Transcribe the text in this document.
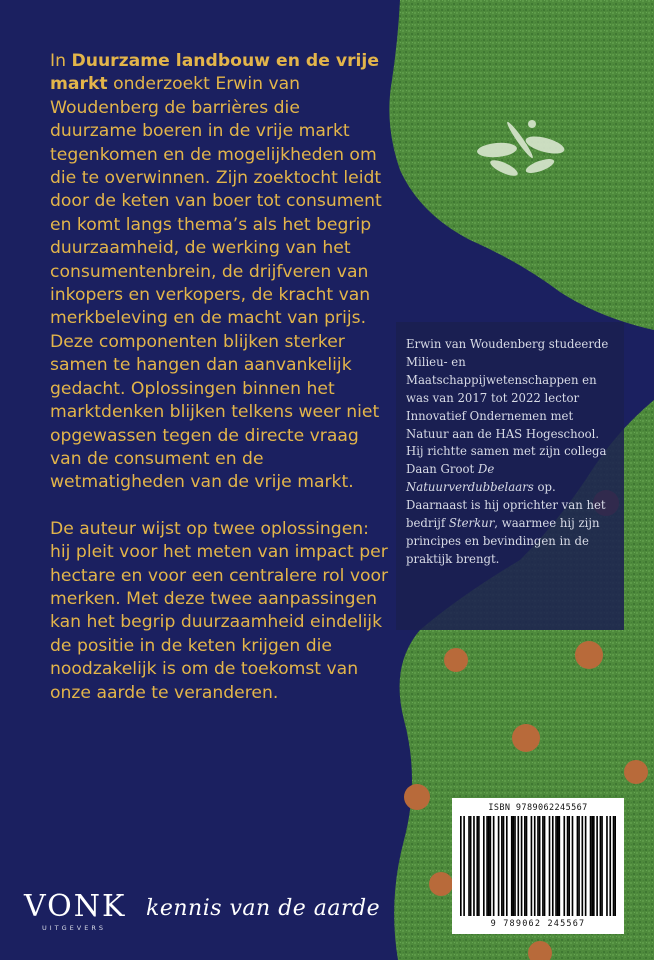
In Duurzame landbouw en de vrije markt onderzoekt Erwin van Woudenberg de barrières die duurzame boeren in de vrije markt tegenkomen en de mogelijkheden om die te overwinnen. Zijn zoektocht leidt door de keten van boer tot consument en komt langs thema’s als het begrip duurzaamheid, de werking van het consumentenbrein, de drijfveren van inkopers en verkopers, de kracht van merkbeleving en de macht van prijs. Deze componenten blijken sterker samen te hangen dan aanvankelijk gedacht. Oplossingen binnen het marktdenken blijken telkens weer niet opgewassen tegen de directe vraag van de consument en de wetmatigheden van de vrije markt.

De auteur wijst op twee oplossingen: hij pleit voor het meten van impact per hectare en voor een centralere rol voor merken. Met deze twee aanpassingen kan het begrip duurzaamheid eindelijk de positie in de keten krijgen die noodzakelijk is om de toekomst van onze aarde te veranderen.

Erwin van Woudenberg studeerde Milieu- en Maatschappijwetenschappen en was van 2017 tot 2022 lector Innovatief Ondernemen met Natuur aan de HAS Hogeschool. Hij richtte samen met zijn collega Daan Groot De Natuurverdubbelaars op. Daarnaast is hij oprichter van het bedrijf Sterkur, waarmee hij zijn principes en bevindingen in de praktijk brengt.
ISBN 9789062245567
9 789062 245567
VONK
UITGEVERS
kennis van de aarde
